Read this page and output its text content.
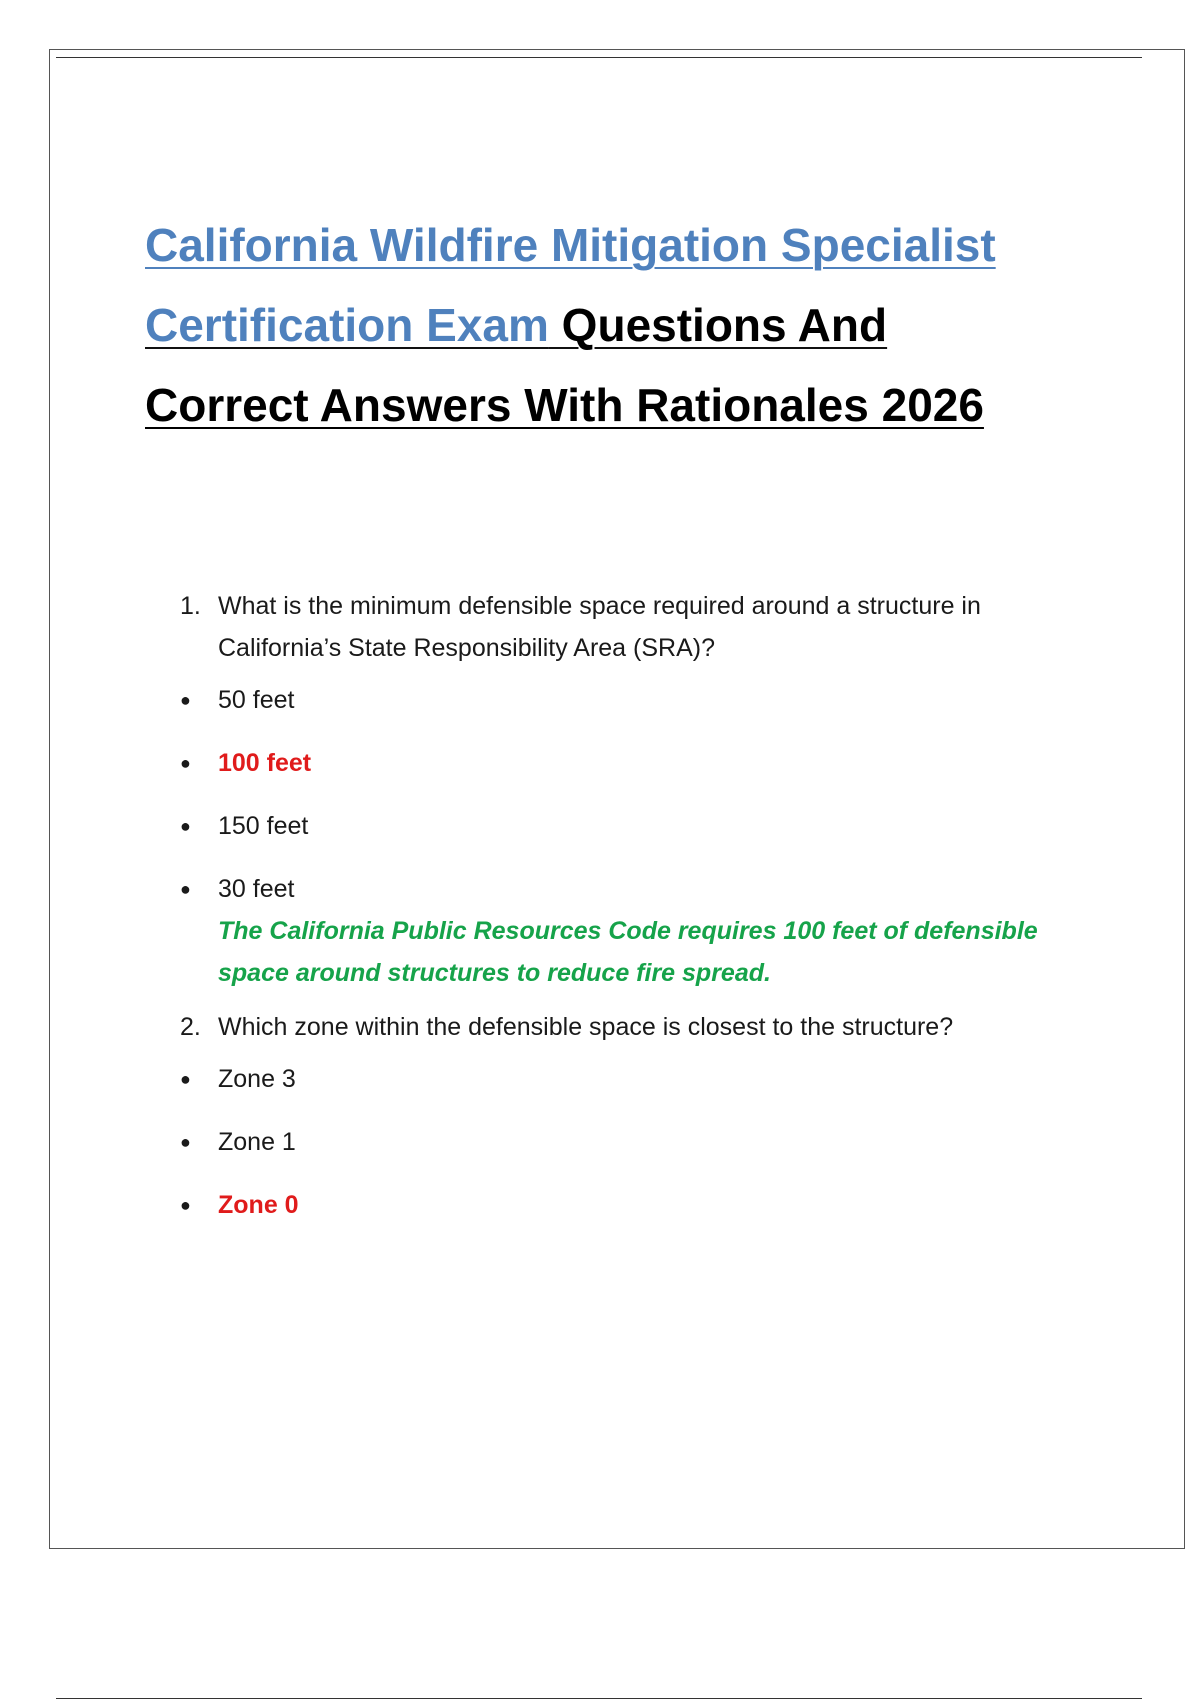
California Wildfire Mitigation Specialist
Certification Exam Questions And
Correct Answers With Rationales 2026
1. What is the minimum defensible space required around a structure in California’s State Responsibility Area (SRA)?
●	50 feet
●	100 feet
●	150 feet
●	30 feet
The California Public Resources Code requires 100 feet of defensible space around structures to reduce fire spread.
2. Which zone within the defensible space is closest to the structure?
●	Zone 3
●	Zone 1
●	Zone 0
